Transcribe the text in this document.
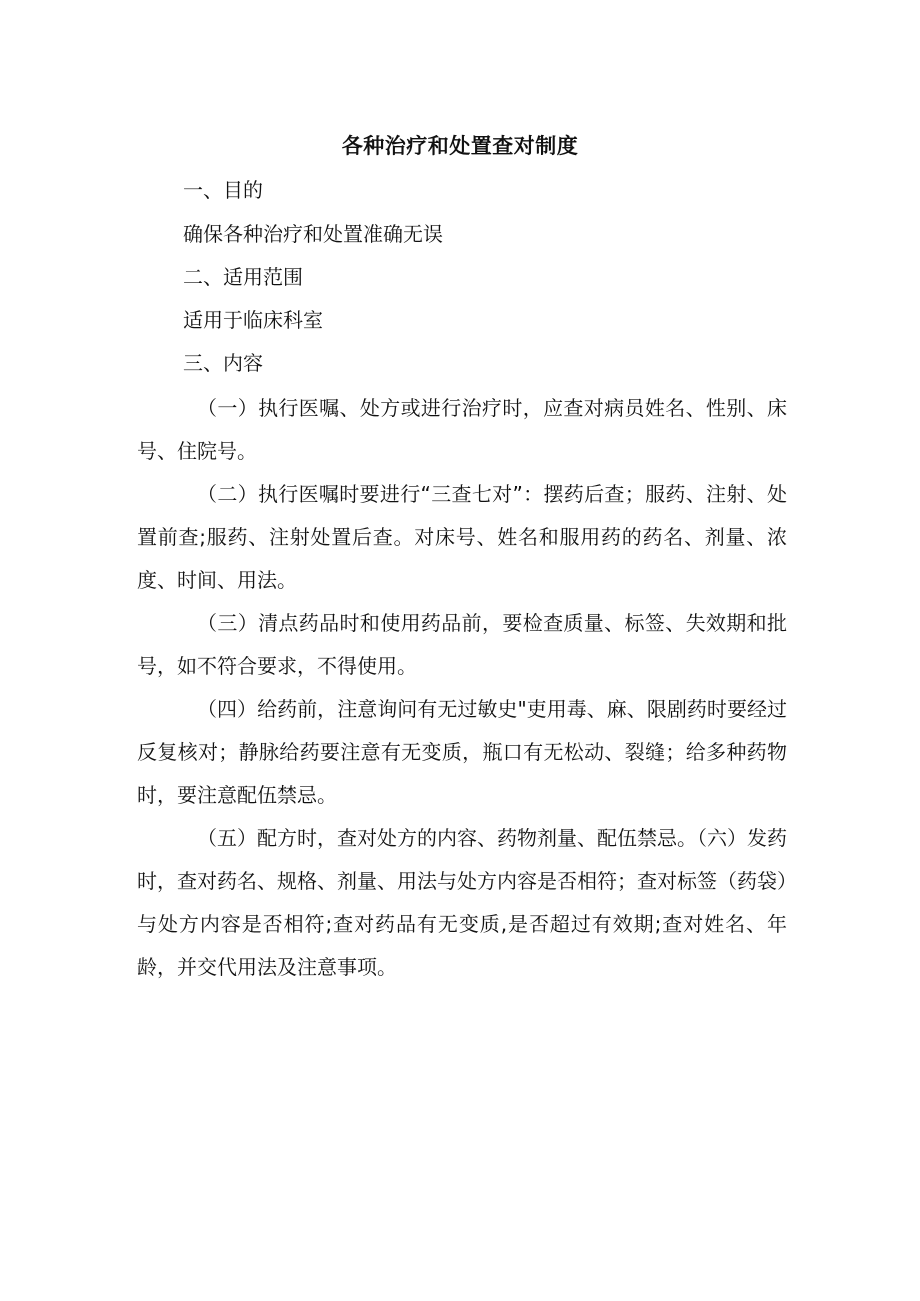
各种治疗和处置查对制度
一、目的
确保各种治疗和处置准确无误
二、适用范围
适用于临床科室
三、内容
（一）执行医嘱、处方或进行治疗时，应查对病员姓名、性别、床号、住院号。
（二）执行医嘱时要进行“三查七对”：摆药后查；服药、注射、处置前查;服药、注射处置后查。对床号、姓名和服用药的药名、剂量、浓度、时间、用法。
（三）清点药品时和使用药品前，要检查质量、标签、失效期和批号，如不符合要求，不得使用。
（四）给药前，注意询问有无过敏史"吏用毒、麻、限剧药时要经过反复核对；静脉给药要注意有无变质，瓶口有无松动、裂缝；给多种药物时，要注意配伍禁忌。
（五）配方时，查对处方的内容、药物剂量、配伍禁忌。（六）发药时，查对药名、规格、剂量、用法与处方内容是否相符；查对标签（药袋）与处方内容是否相符;查对药品有无变质,是否超过有效期;查对姓名、年龄，并交代用法及注意事项。
